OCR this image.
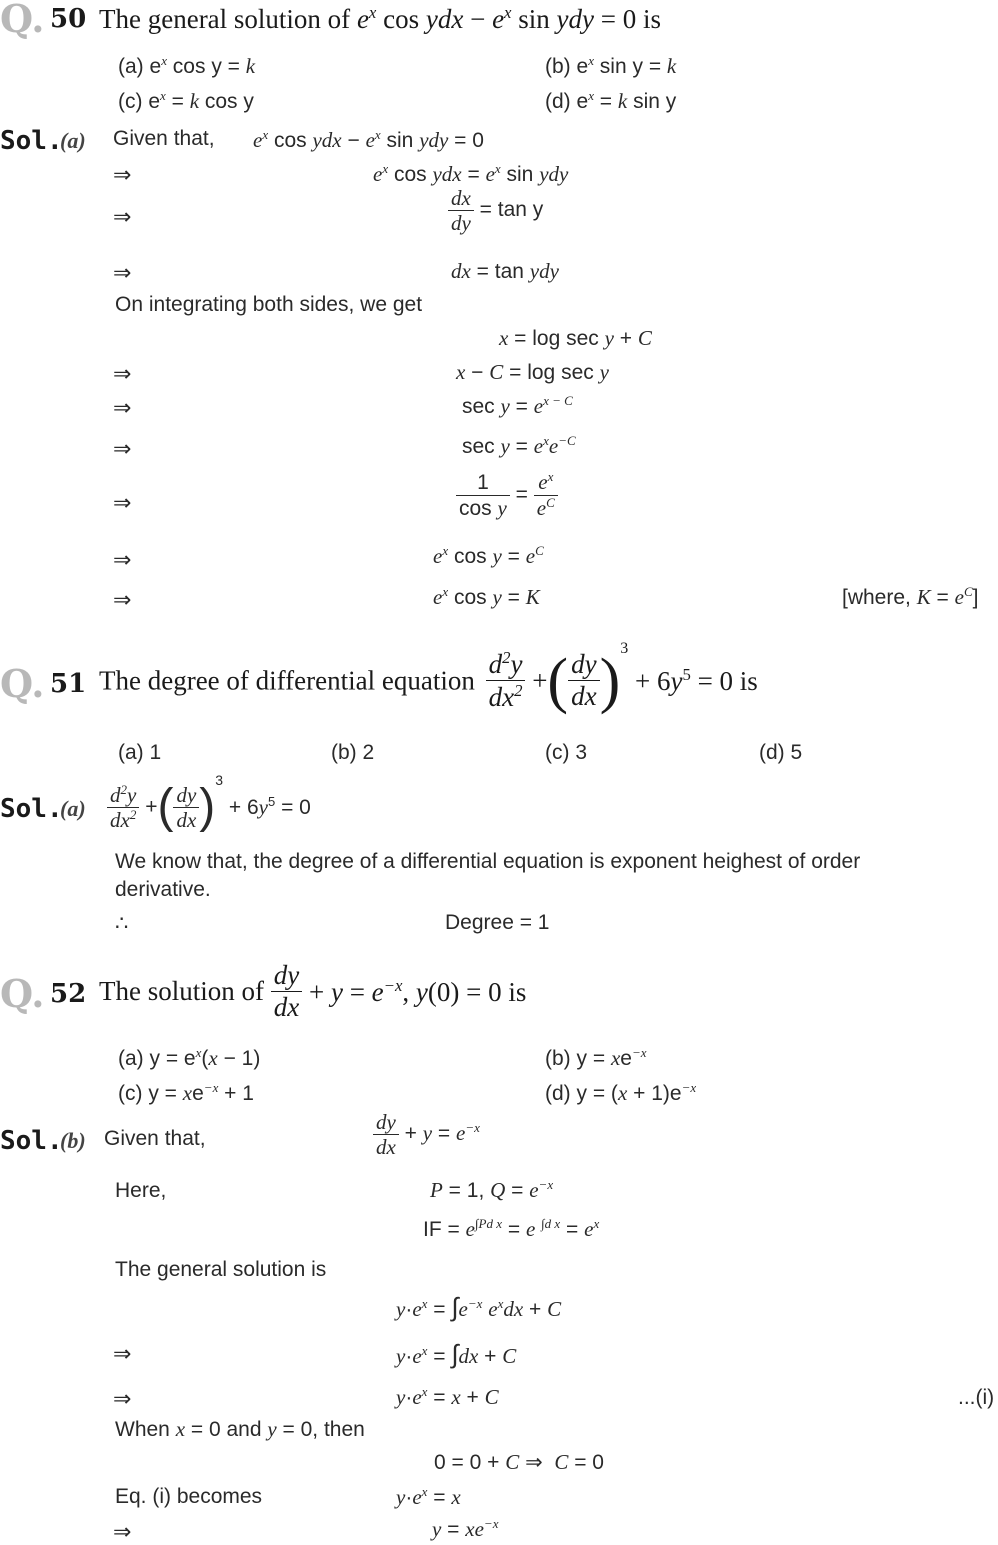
Q. 50 The general solution of $e^x$ cos ydx − $e^x$ sin ydy = 0 is
(a) $e^x$ cos y = k	(b) $e^x$ sin y = k
(c) $e^x = k$ cos y	(d) $e^x = k$ sin y
Sol.
(a) Given that, $e^x$ cos ydx − $e^x$ sin ydy = 0
⇒	$e^x$ cos ydx = $e^x$ sin ydy
⇒	$\frac{dx}{dy} = \tan y$
⇒	dx = tan ydy
On integrating both sides, we get
x = log sec y + C
⇒	x − C = log sec y
⇒	$\sec y = e^{x - C}$
⇒	$\sec y = e^xe^{-C}$
⇒	$\frac{1}{\text{cos y}} = \frac{e^x}{e^C}$
⇒	$e^x$ $\cos y = e^C$
⇒	$e^x$ cos y = K	[where, $K = e^C$]
Q. 51 The degree of differential equation $\frac{d^2y}{dx^2}$ +( $\frac{dy}{dx} )^3 + 6y^5 = 0$ is
(a) 1	(b) 2	(c) 3	(d) 5
Sol.
$(a) \frac{d^2y}{dx^2}$ +( $\frac{dy}{dx} )^3 + 6y^5 = 0$
We know that, the degree of a differential equation is exponent heighest of order
derivative.
∴	Degree = 1
Q. 52 The solution of $\frac{dy}{dx} + y = e^{-x}$, y(0) = 0 is
(a) $y = e^x(x - 1)$	(b) $y = xe^{-x}$
(c) $y = xe^{-x} + 1$	(d) $y = (x + 1)e^{-x}$
Sol.
(b) Given that,	$\frac{dy}{dx} + y = e^{-x}$
Here,	P = 1, $Q = e^{-x}$
IF = $e^{\int Pd x} = e$ $^{\int d x} = e^x$
The general solution is
$y\cdot e^x = \int e^{-x}$ $e^xdx + C$
⇒	$y\cdot e^x = \int dx + C$
⇒	$y\cdot e^x = x + C$	...(i)
When x = 0 and y = 0, then
0 = 0 + C ⇒  C = 0
Eq. (i) becomes	$y\cdot e^x = x$
⇒	$y = xe^{-x}$
